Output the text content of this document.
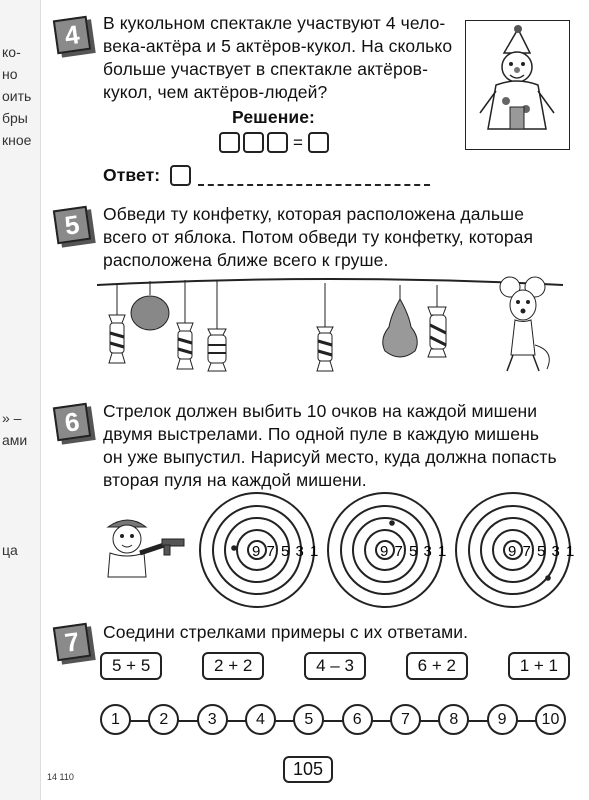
ко-
но
оить
бры
кное
» –
ами
ца
4	В кукольном спектакле участвуют 4 чело-
века-актёра и 5 актёров-кукол. На сколько
больше участвует в спектакле актёров-
кукол, чем актёров-людей?
Решение:
=
Ответ:
5	Обведи ту конфетку, которая расположена дальше
всего от яблока. Потом обведи ту конфетку, которая
расположена ближе всего к груше.
6	Стрелок должен выбить 10 очков на каждой мишени
двумя выстрелами. По одной пуле в каждую мишень
он уже выпустил. Нарисуй место, куда должна попасть
вторая пуля на каждой мишени.
9 7 5 3 1	9 7 5 3 1	9 7 5 3 1
7	Соедини стрелками примеры с их ответами.
5 + 5	2 + 2	4 – 3	6 + 2	1 + 1
1	2	3	4	5	6	7	8	9	10
105
14 110
